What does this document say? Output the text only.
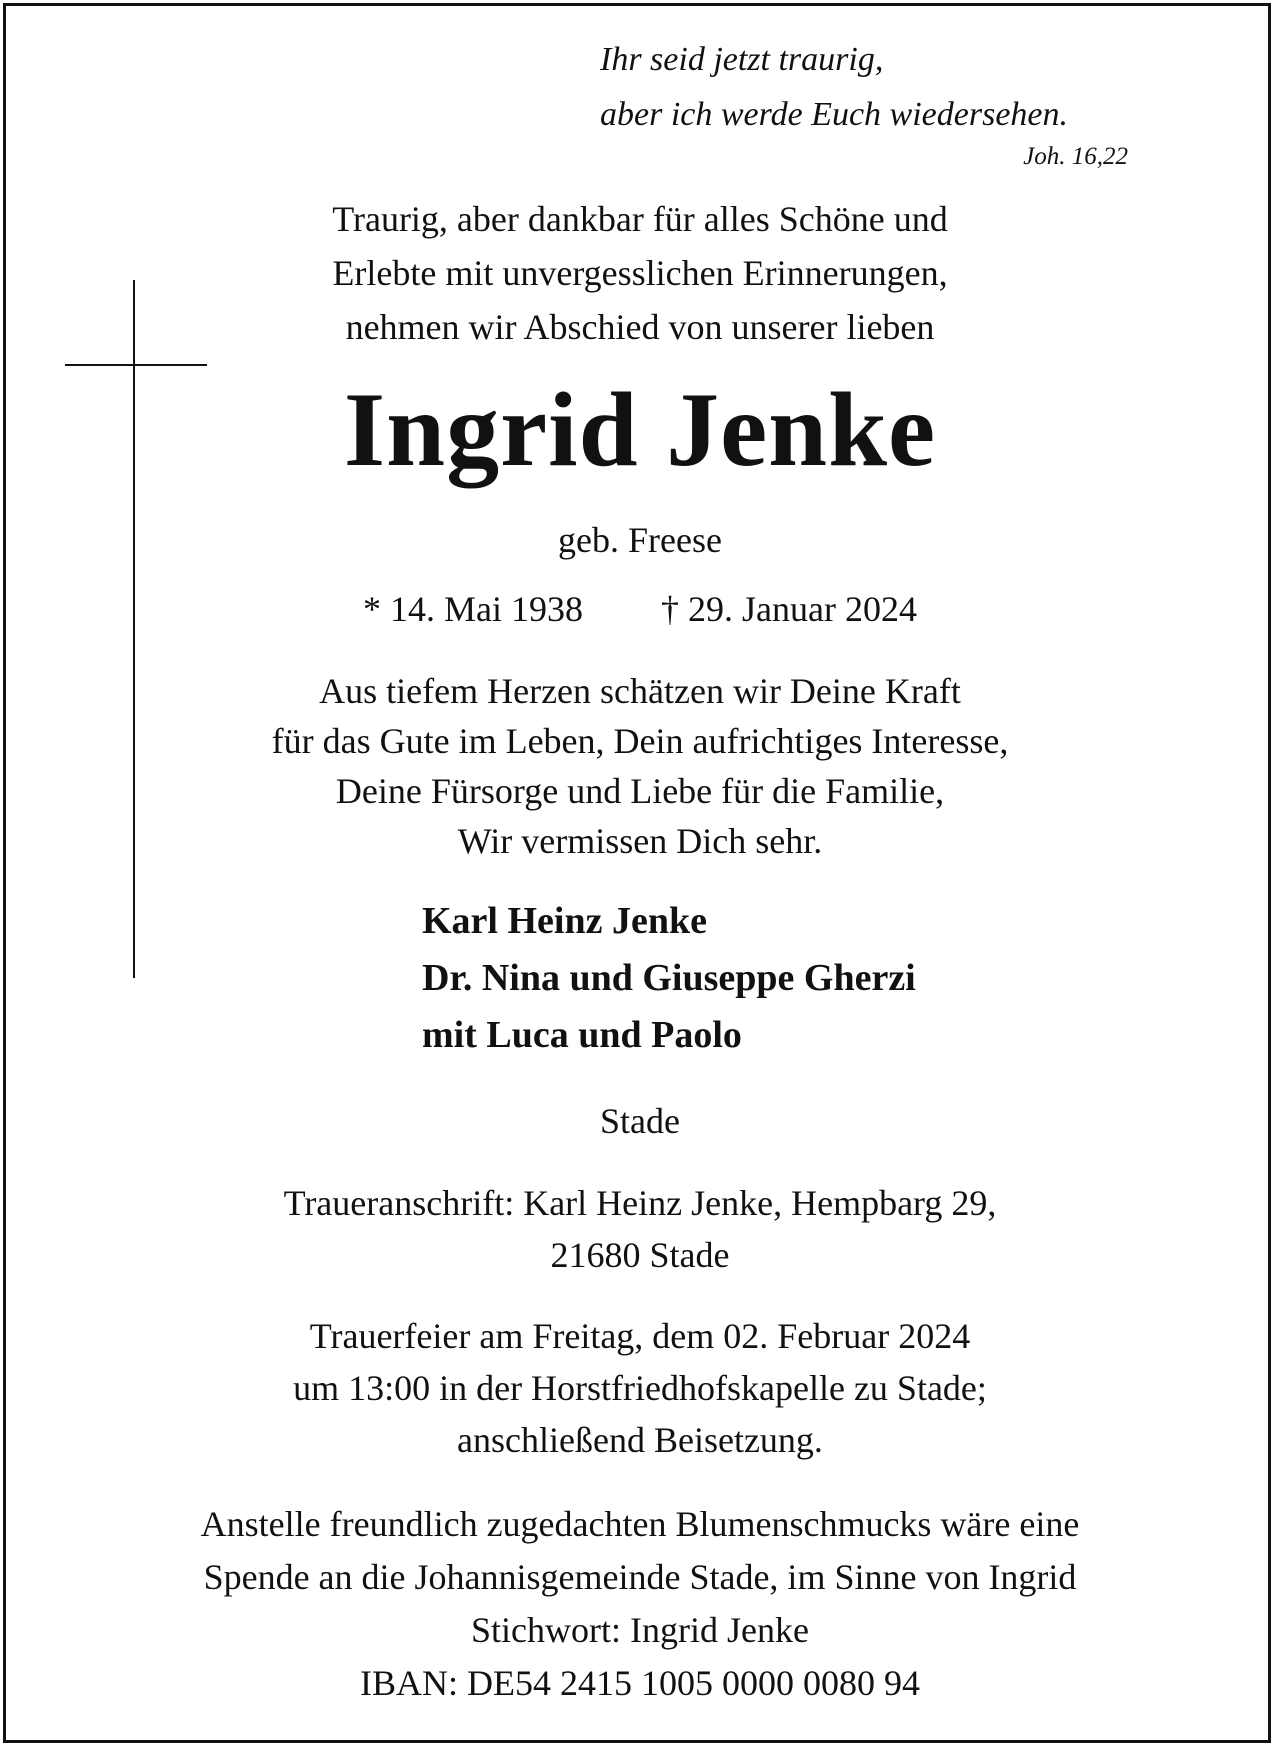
Ihr seid jetzt traurig,
aber ich werde Euch wiedersehen.
Joh. 16,22
Traurig, aber dankbar für alles Schöne und
Erlebte mit unvergesslichen Erinnerungen,
nehmen wir Abschied von unserer lieben
Ingrid Jenke
geb. Freese
* 14. Mai 1938 † 29. Januar 2024
Aus tiefem Herzen schätzen wir Deine Kraft
für das Gute im Leben, Dein aufrichtiges Interesse,
Deine Fürsorge und Liebe für die Familie,
Wir vermissen Dich sehr.
Karl Heinz Jenke
Dr. Nina und Giuseppe Gherzi
mit Luca und Paolo
Stade
Traueranschrift: Karl Heinz Jenke, Hempbarg 29,
21680 Stade
Trauerfeier am Freitag, dem 02. Februar 2024
um 13:00 in der Horstfriedhofskapelle zu Stade;
anschließend Beisetzung.
Anstelle freundlich zugedachten Blumenschmucks wäre eine
Spende an die Johannisgemeinde Stade, im Sinne von Ingrid
Stichwort: Ingrid Jenke
IBAN: DE54 2415 1005 0000 0080 94
